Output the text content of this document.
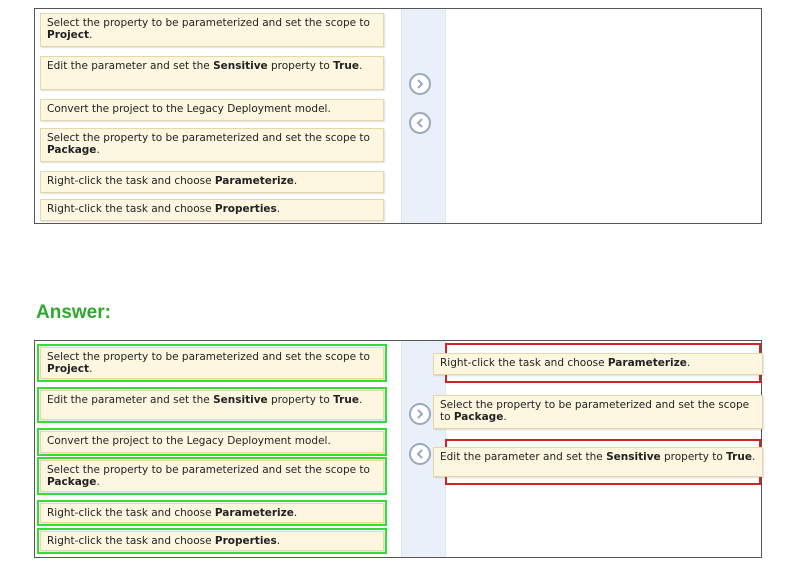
Select the property to be parameterized and set the scope to Project.
Edit the parameter and set the Sensitive property to True.
Convert the project to the Legacy Deployment model.
Select the property to be parameterized and set the scope to Package.
Right-click the task and choose Parameterize.
Right-click the task and choose Properties.
Answer:
Select the property to be parameterized and set the scope to Project.
Edit the parameter and set the Sensitive property to True.
Convert the project to the Legacy Deployment model.
Select the property to be parameterized and set the scope to Package.
Right-click the task and choose Parameterize.
Right-click the task and choose Properties.
Right-click the task and choose Parameterize.
Select the property to be parameterized and set the scope to Package.
Edit the parameter and set the Sensitive property to True.
